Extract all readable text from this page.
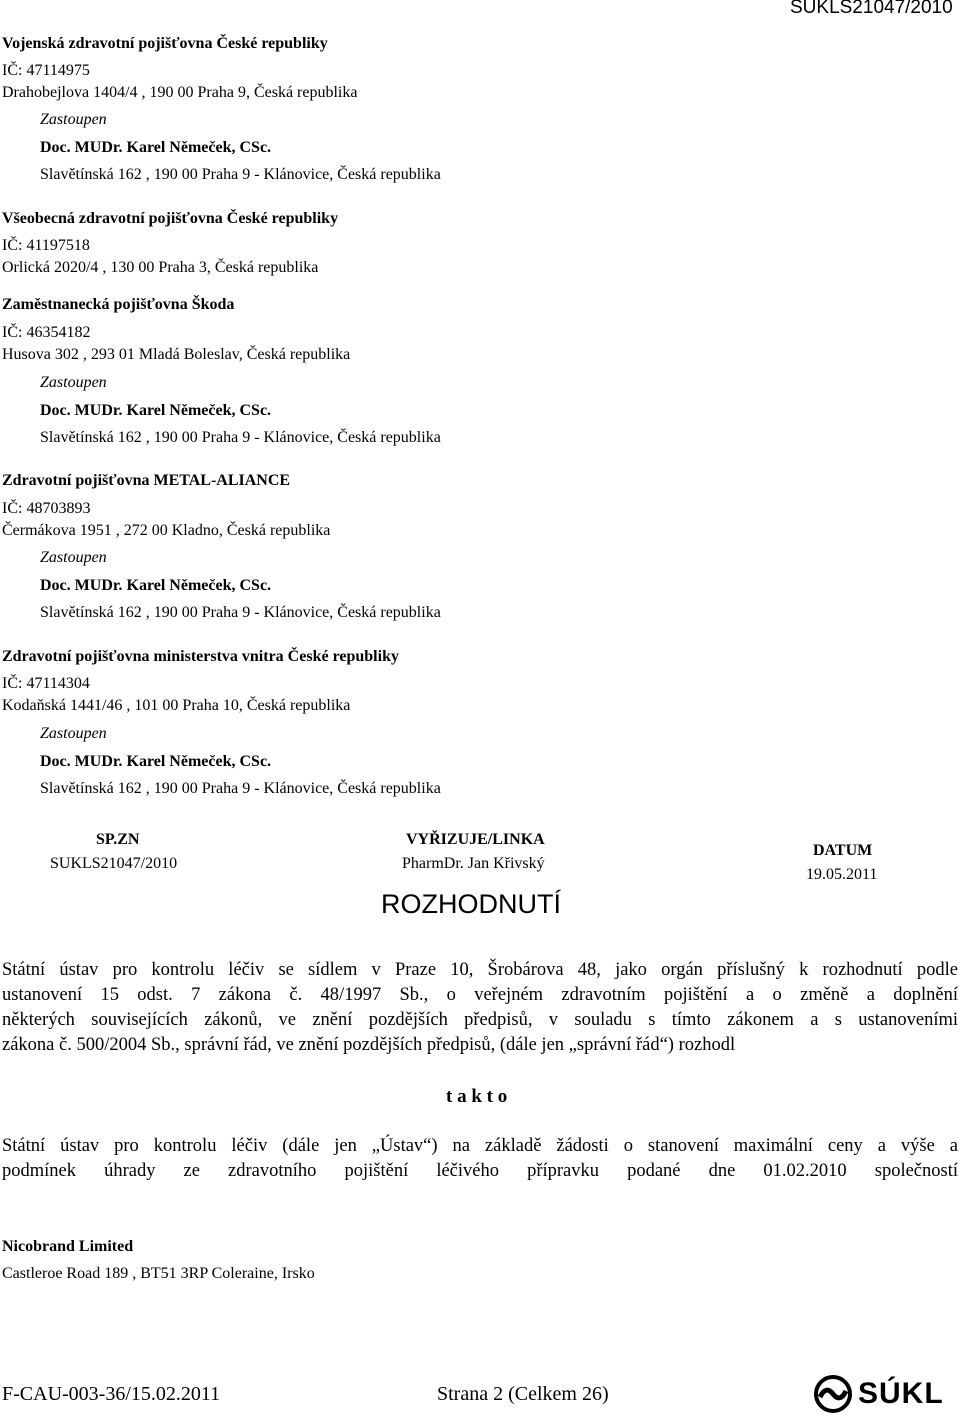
SUKLS21047/2010
Vojenská zdravotní pojišťovna České republiky
IČ: 47114975
Drahobejlova 1404/4 , 190 00 Praha 9, Česká republika
Zastoupen
Doc. MUDr. Karel Němeček, CSc.
Slavětínská 162 , 190 00 Praha 9 - Klánovice, Česká republika
Všeobecná zdravotní pojišťovna České republiky
IČ: 41197518
Orlická 2020/4 , 130 00 Praha 3, Česká republika
Zaměstnanecká pojišťovna Škoda
IČ: 46354182
Husova 302 , 293 01 Mladá Boleslav, Česká republika
Zastoupen
Doc. MUDr. Karel Němeček, CSc.
Slavětínská 162 , 190 00 Praha 9 - Klánovice, Česká republika
Zdravotní pojišťovna METAL-ALIANCE
IČ: 48703893
Čermákova 1951 , 272 00 Kladno, Česká republika
Zastoupen
Doc. MUDr. Karel Němeček, CSc.
Slavětínská 162 , 190 00 Praha 9 - Klánovice, Česká republika
Zdravotní pojišťovna ministerstva vnitra České republiky
IČ: 47114304
Kodaňská 1441/46 , 101 00 Praha 10, Česká republika
Zastoupen
Doc. MUDr. Karel Němeček, CSc.
Slavětínská 162 , 190 00 Praha 9 - Klánovice, Česká republika
SP.ZN
SUKLS21047/2010
VYŘIZUJE/LINKA
PharmDr. Jan Křivský
DATUM
19.05.2011
ROZHODNUTÍ
Státní ústav pro kontrolu léčiv se sídlem v Praze 10, Šrobárova 48, jako orgán příslušný k rozhodnutí podle
ustanovení 15 odst. 7 zákona č. 48/1997 Sb., o veřejném zdravotním pojištění a o změně a doplnění
některých souvisejících zákonů, ve znění pozdějších předpisů, v souladu s tímto zákonem a s ustanoveními
zákona č. 500/2004 Sb., správní řád, ve znění pozdějších předpisů, (dále jen „správní řád“) rozhodl
t a k t o
Státní ústav pro kontrolu léčiv (dále jen „Ústav“) na základě žádosti o stanovení maximální ceny a výše a
podmínek úhrady ze zdravotního pojištění léčivého přípravku podané dne 01.02.2010 společností
Nicobrand Limited
Castleroe Road 189 , BT51 3RP Coleraine, Irsko
F-CAU-003-36/15.02.2011	Strana 2 (Celkem 26)	SÚKL
